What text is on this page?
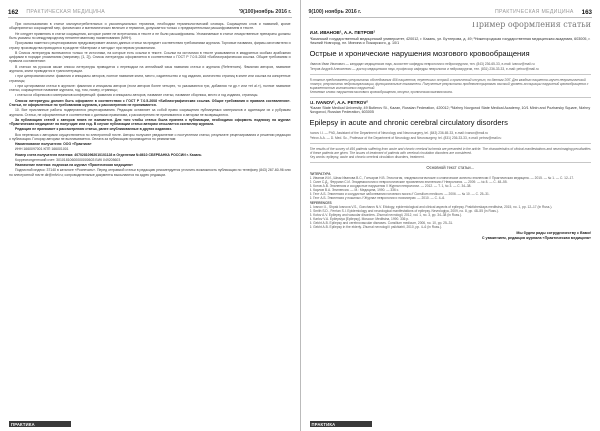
162 ПРАКТИЧЕСКАЯ МЕДИЦИНА	'9(100)ноябрь 2016 г.

При использовании в статье малоупотребительных и узкоспециальных терминов, необходим терминологический словарь. Сокращения слов и названий, кроме общепринятых сокращений мер, физических и математических величин и терминов, допускается только с предварительным расшифрованием в тексте.

Не следует применять в статье сокращения, которые ранее не встречались в тексте и не были расшифрованы. Упоминаемые в статье лекарственные препараты должны быть указаны по международному непатентованному наименованию (МНН).

Программа пакетного рецензирования предусматривает анализ данных статьи на предмет соответствия требованиям журнала. Торговые названия, фирмы-изготовители и страну производства приводятся в разделе «Материал и методы» при первом упоминании.

В Список литературы включаются только те источники, на которые есть ссылки в тексте. Ссылки на источники в тексте указываются в квадратных скобках арабскими цифрами в порядке упоминания (например, [1, 2]). Список литературы оформляется в соответствии с ГОСТ Р 7.0.5-2008 «Библиографическая ссылка. Общие требования и правила составления».

В статьях на русском языке список литературы приводится с переводом на английский язык названия статьи и журнала (References). Фамилии авторов, название журнала, книги приводятся в транслитерации.

• при цитировании книги: фамилия и инициалы авторов, полное название книги, место, издательство и год издания, количество страниц в книге или ссылка на конкретные страницы;

• при цитировании статьи в журнале: фамилия и инициалы авторов (если авторов более четырех, то указываются три, добавляя «и др.» или «et al.»), полное название статьи, сокращенное название журнала, год, том, номер, страницы;

• статьи из сборников и материалов конференций: фамилия и инициалы авторов, название статьи, название сборника, место и год издания, страницы.

Список литературы должен быть оформлен в соответствии с ГОСТ Р 7.0.5-2008 «Библиографическая ссылка. Общие требования и правила составления». Статьи, не оформленные по требованиям журнала, к рассмотрению не принимаются.

10. Все присланные работы подвергаются рецензированию. Редакция оставляет за собой право сокращения публикуемых материалов и адаптации их к рубрикам журнала. Статьи, не оформленные в соответствии с данными правилами, к рассмотрению не принимаются и авторам не возвращаются.

За публикацию статей с авторов плата не взимается. Для того чтобы статья была принята к публикации, необходимо оформить подписку на журнал «Практическая медицина» на полугодие или год. В случае публикации статьи авторам отсылается экземпляр журнала.

Редакция не принимает к рассмотрению статьи, ранее опубликованные в других изданиях.

Вся переписка с авторами осуществляется по электронной почте. Авторы получают уведомление о поступлении статьи, результате рецензирования и решении редакции о публикации. Гонорар авторам не выплачивается. Оплата за публикацию производится по реквизитам:

Наименование получателя: ООО «Практика»

ИНН 1660097001 КПП 166001001

Номер счета получателя платежа: 40702810962010101128 в Отделении №8610 СБЕРБАНКА РОССИИ г. Казань

Корреспондентский счет: 30101810600000000603 БИК 049205603

Назначение платежа: подписка на журнал «Практическая медицина»

Подписной индекс: 37140 в каталоге «Роспечать». Перед отправкой статьи в редакцию рекомендуется уточнить возможность публикации по телефону (843) 267-60-96 или по электронной почте dir@mfvt.ru; сопроводительные документы высылаются на адрес редакции.

ПРАКТИКА
9(100) ноябрь 2016 г.	ПРАКТИЧЕСКАЯ МЕДИЦИНА 163
Пример оформления статьи
И.И. ИВАНОВ¹, А.А. ПЕТРОВ²
¹Казанский государственный медицинский университет, 420012, г. Казань, ул. Бутлерова, д. 49; ²Нижегородская государственная медицинская академия, 603005, г. Нижний Новгород, пл. Минина и Пожарского, д. 10/1
Острые и хронические нарушения мозгового кровообращения

Иванов Иван Иванович — кандидат медицинских наук, ассистент кафедры неврологии и нейрохирургии, тел. (843) 236-65-33, e-mail: ivanov@mail.ru

Петров Андрей Алексеевич — доктор медицинских наук, профессор кафедры неврологии и нейрохирургии, тел. (831) 236-33-33, e-mail: petrov@mail.ru

В статье представлены результаты обследования 456 пациентов, перенесших острый и хронический инсульт, по данным ЭЭГ. Для каждого пациента изучен неврологический статус, результаты нейровизуализации, функциональные показатели. Полученные результаты продемонстрировали высокий уровень ассоциации нарушений кровообращения с выраженностью когнитивных нарушений.
Ключевые слова: нарушения мозгового кровообращения, инсульт, хроническая ишемия мозга.
I.I. IVANOV¹, A.A. PETROV²
¹Kazan State Medical University, 49 Butlerov St., Kazan, Russian Federation, 420012; ²Nizhny Novgorod State Medical Academy, 10/1 Minin and Pozharsky Square, Nizhny Novgorod, Russian Federation, 603005
Epilepsy in acute and chronic cerebral circulatory disorders

Ivanov I.I. — PhD, Assistant of the Department of Neurology and Neurosurgery, tel. (843) 236-65-33, e-mail: ivanov@mail.ru

Petrov A.A. — D. Med. Sc., Professor of the Department of Neurology and Neurosurgery, tel. (831) 236-33-33, e-mail: petrov@mail.ru

The results of the survey of 456 patients suffering from acute and chronic cerebral ischemia are presented in the article. The characteristics of clinical manifestations and neuroimaging peculiarities of these patients are given. The issues of treatment of patients with cerebral circulation disorders are considered.
Key words: epilepsy, acute and chronic cerebral circulation disorders, treatment.
Основной текст статьи...

ЛИТЕРАТУРА

1. Иванов И.И., Шпак Иванова В.С., Гончаров Н.В. Этиология, эпидемиологические и клинические аспекты эпилепсии // Практическая медицина. — 2015. — № 1. — С. 12–17.

2. Смит С.Д., Ферриан С.И. Эпидемиология и неврологические проявления эпилепсии // Неврология. — 2009. — № 8. — С. 48–55.

3. Котов А.В. Эпилепсия и сосудистые нарушения // Журнал неврологии. — 2012. — Т. 1, № 3. — С. 34–38.

4. Карлов В.А. Эпилепсия. — М.: Медицина, 1990. — 336 с.

5. Гехт А.Б. Эпилепсия и сосудистые заболевания головного мозга // Consilium medicum. — 2006. — № 10. — С. 25–31.

6. Гехт А.Б. Эпилепсия у пожилых // Журнал неврологии и психиатрии. — 2010. — С. 4–6.

REFERENCES

1. Ivanov I.I., Shpak Ivanova V.S., Goncharov N.V. Etiology, epidemiological and clinical aspects of epilepsy. Prakticheskaya meditsina, 2015, no. 1, pp. 12–17 (in Russ.).

2. Smith S.D., Ferrian S.I. Epidemiology and neurological manifestations of epilepsy. Nevrologiya, 2009, no. 8, pp. 48–55 (in Russ.).

3. Kotov A.V. Epilepsy and vascular disorders. Zhurnal nevrologii, 2012, vol. 1, no. 3, pp. 34–38 (in Russ.).

4. Karlov V.A. Epilepsiya [Epilepsy]. Moscow: Meditsina, 1990. 336 p.

5. Gekht A.B. Epilepsy and cerebrovascular diseases. Consilium medicum, 2006, no. 10, pp. 25–31.

6. Gekht A.B. Epilepsy in the elderly. Zhurnal nevrologii i psikhiatrii, 2010, pp. 4–6 (in Russ.).

Мы будем рады сотрудничеству с Вами!
С уважением, редакция журнала «Практическая медицина»
ПРАКТИКА
